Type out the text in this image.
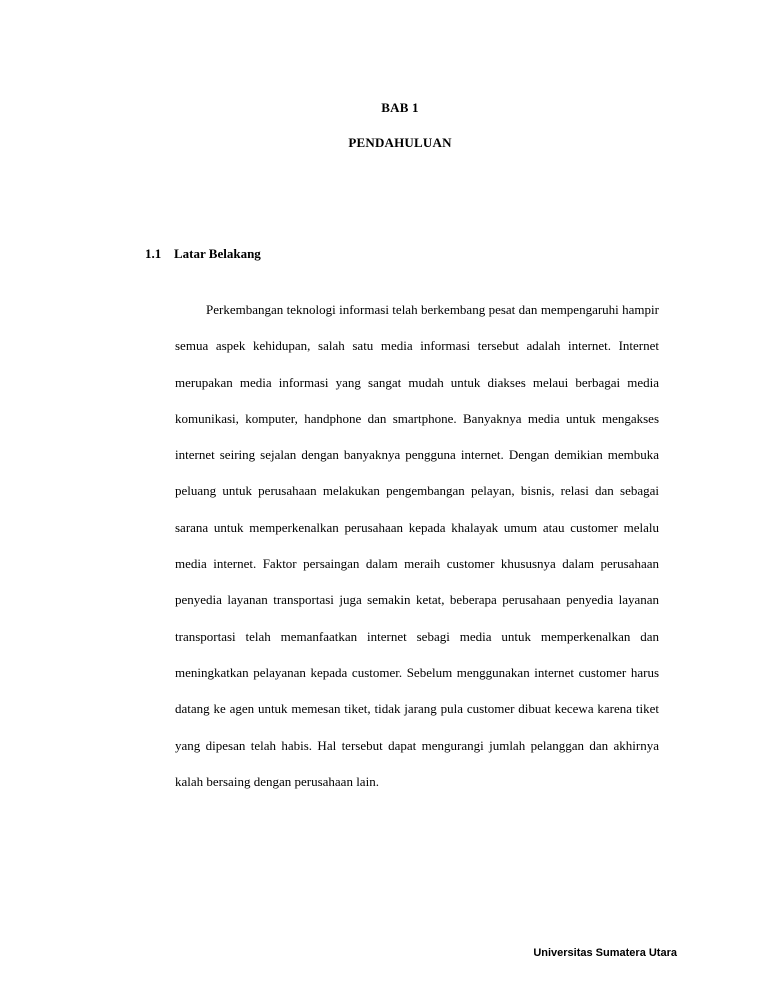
BAB 1
PENDAHULUAN
1.1 Latar Belakang

Perkembangan teknologi informasi telah berkembang pesat dan mempengaruhi hampir semua aspek kehidupan, salah satu media informasi tersebut adalah internet. Internet merupakan media informasi yang sangat mudah untuk diakses melaui berbagai media komunikasi, komputer, handphone dan smartphone. Banyaknya media untuk mengakses internet seiring sejalan dengan banyaknya pengguna internet. Dengan demikian membuka peluang untuk perusahaan melakukan pengembangan pelayan, bisnis, relasi dan sebagai sarana untuk memperkenalkan perusahaan kepada khalayak umum atau customer melalu media internet. Faktor persaingan dalam meraih customer khususnya dalam perusahaan penyedia layanan transportasi juga semakin ketat, beberapa perusahaan penyedia layanan transportasi telah memanfaatkan internet sebagi media untuk memperkenalkan dan meningkatkan pelayanan kepada customer. Sebelum menggunakan internet customer harus datang ke agen untuk memesan tiket, tidak jarang pula customer dibuat kecewa karena tiket yang dipesan telah habis. Hal tersebut dapat mengurangi jumlah pelanggan dan akhirnya kalah bersaing dengan perusahaan lain.

Universitas Sumatera Utara
